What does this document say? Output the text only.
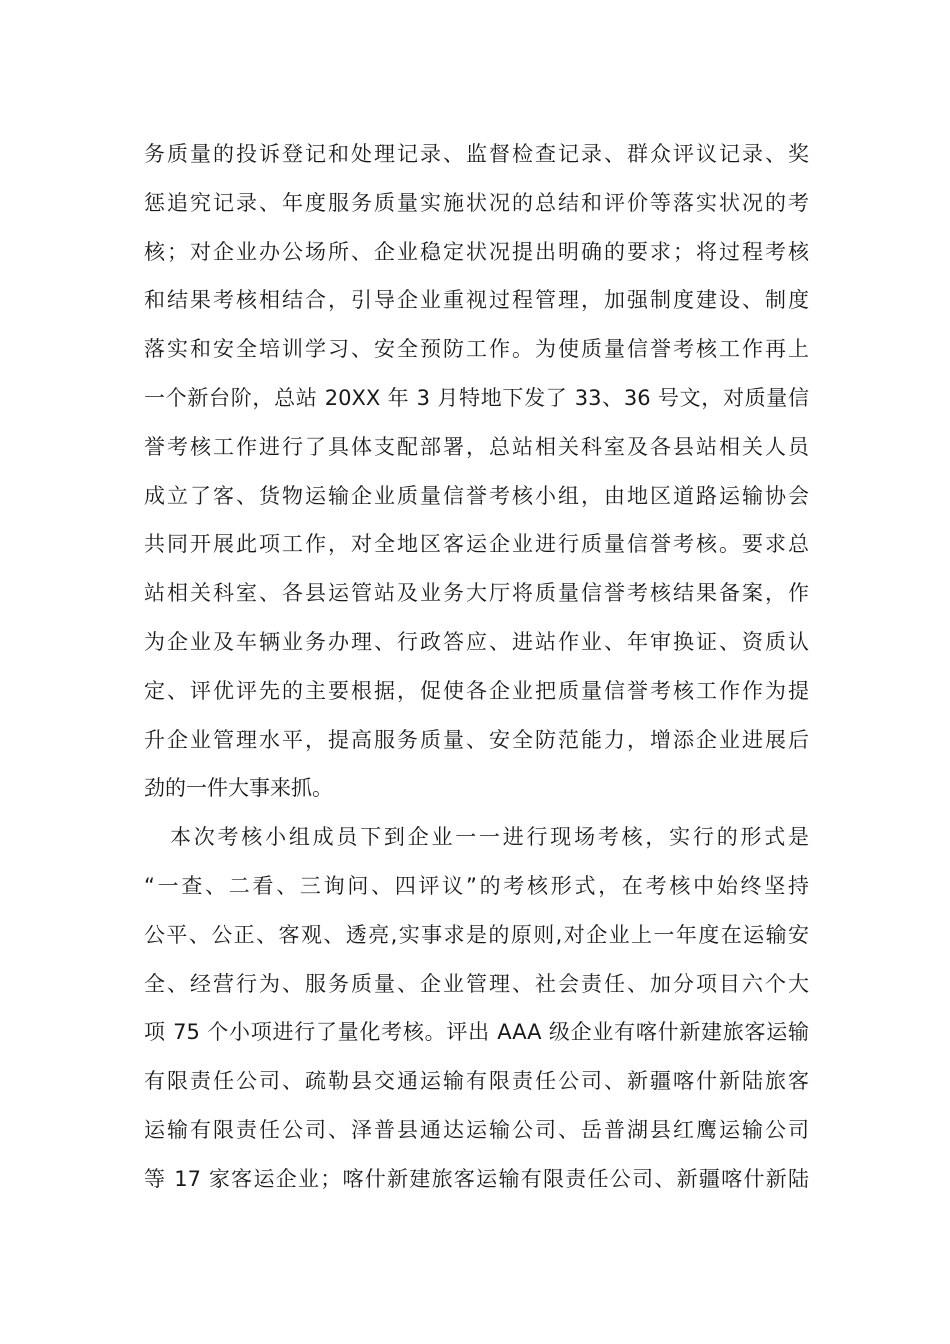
务质量的投诉登记和处理记录、监督检查记录、群众评议记录、奖
惩追究记录、年度服务质量实施状况的总结和评价等落实状况的考
核；对企业办公场所、企业稳定状况提出明确的要求；将过程考核
和结果考核相结合，引导企业重视过程管理，加强制度建设、制度
落实和安全培训学习、安全预防工作。为使质量信誉考核工作再上
一个新台阶，总站 20XX 年 3 月特地下发了 33、36 号文，对质量信
誉考核工作进行了具体支配部署，总站相关科室及各县站相关人员
成立了客、货物运输企业质量信誉考核小组，由地区道路运输协会
共同开展此项工作，对全地区客运企业进行质量信誉考核。要求总
站相关科室、各县运管站及业务大厅将质量信誉考核结果备案，作
为企业及车辆业务办理、行政答应、进站作业、年审换证、资质认
定、评优评先的主要根据，促使各企业把质量信誉考核工作作为提
升企业管理水平，提高服务质量、安全防范能力，增添企业进展后
劲的一件大事来抓。
本次考核小组成员下到企业一一进行现场考核，实行的形式是
“一查、二看、三询问、四评议”的考核形式，在考核中始终坚持
公平、公正、客观、透亮,实事求是的原则,对企业上一年度在运输安
全、经营行为、服务质量、企业管理、社会责任、加分项目六个大
项 75 个小项进行了量化考核。评出 AAA 级企业有喀什新建旅客运输
有限责任公司、疏勒县交通运输有限责任公司、新疆喀什新陆旅客
运输有限责任公司、泽普县通达运输公司、岳普湖县红鹰运输公司
等 17 家客运企业；喀什新建旅客运输有限责任公司、新疆喀什新陆
